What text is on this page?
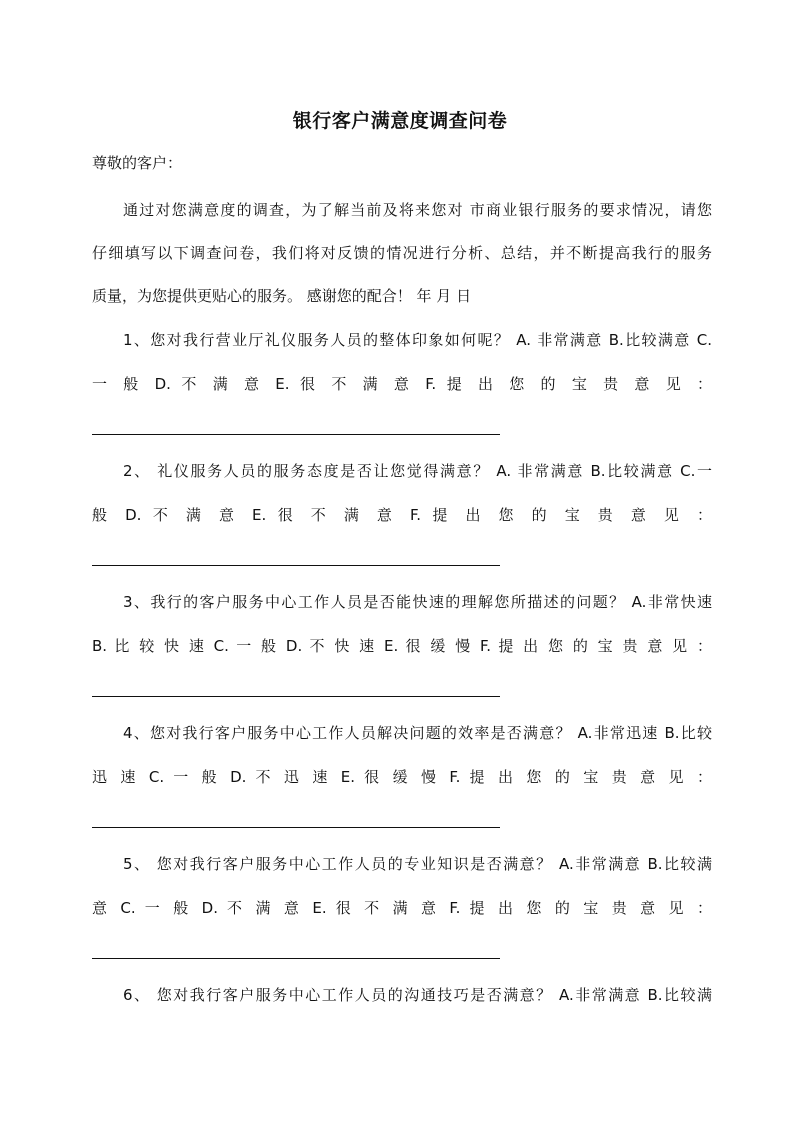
银行客户满意度调查问卷

尊敬的客户：

通过对您满意度的调查，为了解当前及将来您对 市商业银行服务的要求情况，请您

仔细填写以下调查问卷，我们将对反馈的情况进行分析、总结，并不断提高我行的服务

质量，为您提供更贴心的服务。 感谢您的配合！ 年 月 日

1、您对我行营业厅礼仪服务人员的整体印象如何呢？ A. 非常满意 B.比较满意 C.

一 般 D. 不 满 意 E. 很 不 满 意 F. 提 出 您 的 宝 贵 意 见 ：

2、 礼仪服务人员的服务态度是否让您觉得满意？ A. 非常满意 B.比较满意 C.一

般 D. 不 满 意 E. 很 不 满 意 F. 提 出 您 的 宝 贵 意 见 ：

3、我行的客户服务中心工作人员是否能快速的理解您所描述的问题？ A.非常快速

B. 比 较 快 速 C. 一 般 D. 不 快 速 E. 很 缓 慢 F. 提 出 您 的 宝 贵 意 见 ：

4、您对我行客户服务中心工作人员解决问题的效率是否满意？ A.非常迅速 B.比较

迅 速 C. 一 般 D. 不 迅 速 E. 很 缓 慢 F. 提 出 您 的 宝 贵 意 见 ：

5、 您对我行客户服务中心工作人员的专业知识是否满意？ A.非常满意 B.比较满

意 C. 一 般 D. 不 满 意 E. 很 不 满 意 F. 提 出 您 的 宝 贵 意 见 ：

6、 您对我行客户服务中心工作人员的沟通技巧是否满意？ A.非常满意 B.比较满
